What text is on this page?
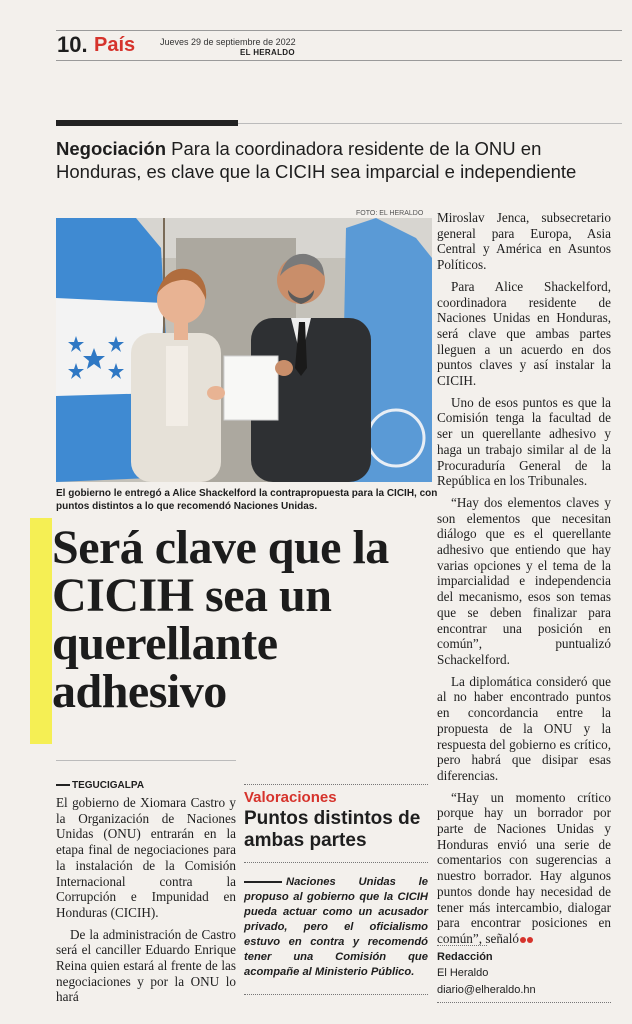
10. País	Jueves 29 de septiembre de 2022
EL HERALDO
Negociación Para la coordinadora residente de la ONU en Honduras, es clave que la CICIH sea imparcial e independiente
FOTO: EL HERALDO
El gobierno le entregó a Alice Shackelford la contrapropuesta para la CICIH, con puntos distintos a lo que recomendó Naciones Unidas.
Será clave que la CICIH sea un querellante adhesivo
TEGUCIGALPA

El gobierno de Xiomara Castro y la Organización de Naciones Unidas (ONU) entrarán en la etapa final de negociaciones para la instalación de la Comisión Internacional contra la Corrupción e Impunidad en Honduras (CICIH).

De la administración de Castro será el canciller Eduardo Enrique Reina quien estará al frente de las negociaciones y por la ONU lo hará

Valoraciones
Puntos distintos de ambas partes
Naciones Unidas le propuso al gobierno que la CICIH pueda actuar como un acusador privado, pero el oficialismo estuvo en contra y recomendó tener una Comisión que acompañe al Ministerio Público.

Miroslav Jenca, subsecretario general para Europa, Asia Central y América en Asuntos Políticos.

Para Alice Shackelford, coordinadora residente de Naciones Unidas en Honduras, será clave que ambas partes lleguen a un acuerdo en dos puntos claves y así instalar la CICIH.

Uno de esos puntos es que la Comisión tenga la facultad de ser un querellante adhesivo y haga un trabajo similar al de la Procuraduría General de la República en los Tribunales.

“Hay dos elementos claves y son elementos que necesitan diálogo que es el querellante adhesivo que entiendo que hay varias opciones y el tema de la imparcialidad e independencia del mecanismo, esos son temas que se deben finalizar para encontrar una posición en común”, puntualizó Schackelford.

La diplomática consideró que al no haber encontrado puntos en concordancia entre la propuesta de la ONU y la respuesta del gobierno es crítico, pero habrá que disipar esas diferencias.

“Hay un momento crítico porque hay un borrador por parte de Naciones Unidas y Honduras envió una serie de comentarios con sugerencias a nuestro borrador. Hay algunos puntos donde hay necesidad de tener más intercambio, dialogar para encontrar posiciones en común”, señaló

Redacción
El Heraldo
diario@elheraldo.hn
